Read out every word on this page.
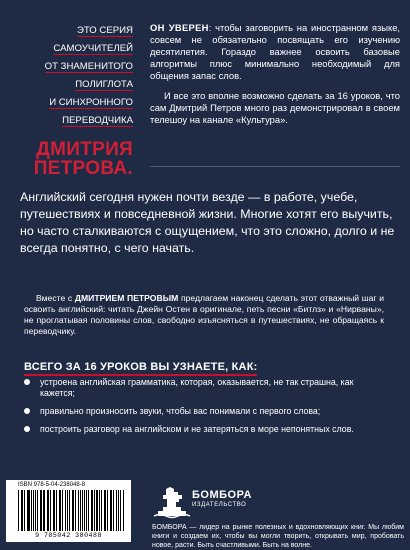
ЭТО СЕРИЯ
САМОУЧИТЕЛЕЙ
ОТ ЗНАМЕНИТОГО
ПОЛИГЛОТА
И СИНХРОННОГО
ПЕРЕВОДЧИКА
ДМИТРИЯ
ПЕТРОВА.

ОН УВЕРЕН: чтобы заговорить на иностранном языке, совсем не обязательно посвящать его изучению десятилетия. Гораздо важнее освоить базовые алгоритмы плюс минимально необходимый для общения запас слов.

И все это вполне возможно сделать за 16 уроков, что сам Дмитрий Петров много раз демонстрировал в своем телешоу на канале «Культура».

Английский сегодня нужен почти везде — в работе, учебе, путешествиях и повседневной жизни. Многие хотят его выучить, но часто сталкиваются с ощущением, что это сложно, долго и не всегда понятно, с чего начать.

Вместе с ДМИТРИЕМ ПЕТРОВЫМ предлагаем наконец сделать этот отважный шаг и освоить английский: читать Джейн Остен в оригинале, петь песни «Битлз» и «Нирваны», не проглатывая половины слов, свободно изъясняться в путешествиях, не обращаясь к переводчику.

ВСЕГО ЗА 16 УРОКОВ ВЫ УЗНАЕТЕ, КАК:
устроена английская грамматика, которая, оказывается, не так страшна, как кажется;
правильно произносить звуки, чтобы вас понимали с первого слова;
построить разговор на английском и не затеряться в море непонятных слов.
ISBN 978-5-04-238048-8
9 785042 380488
БОМБОРА
ИЗДАТЕЛЬСТВО
БОМБОРА — лидер на рынке полезных и вдохновляющих книг. Мы любим книги и создаем их, чтобы вы могли творить, открывать мир, пробовать новое, расти. Быть счастливыми. Быть на волне.
